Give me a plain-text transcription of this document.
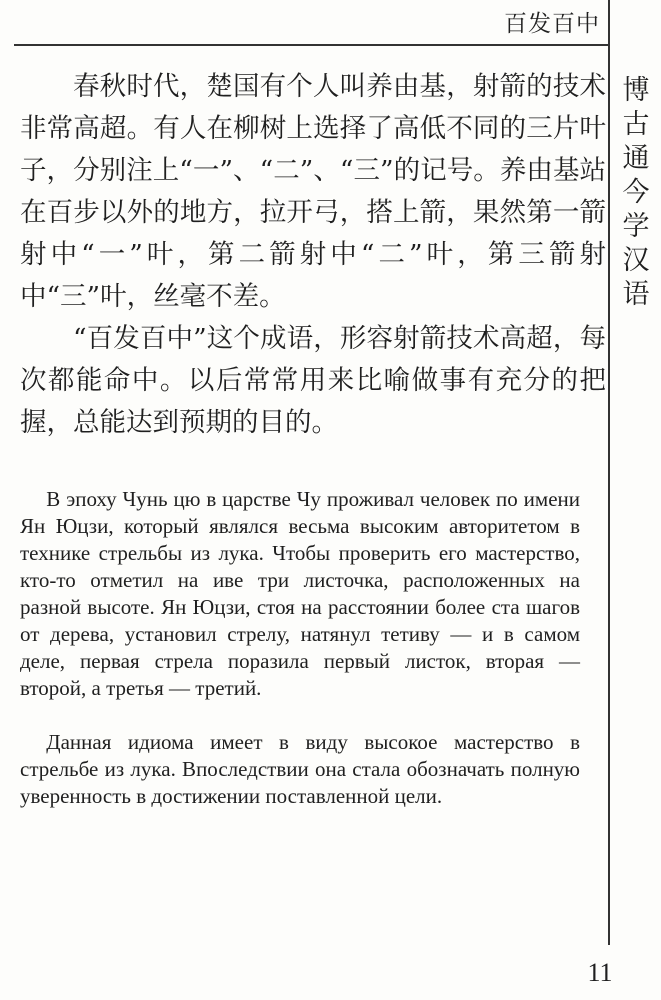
百发百中
博
古
通
今
学
汉
语

春秋时代，楚国有个人叫养由基，射箭的技术非常高超。有人在柳树上选择了高低不同的三片叶子，分别注上“一”、“二”、“三”的记号。养由基站在百步以外的地方，拉开弓，搭上箭，果然第一箭射中“一”叶，第二箭射中“二”叶，第三箭射中“三”叶，丝毫不差。

“百发百中”这个成语，形容射箭技术高超，每次都能命中。以后常常用来比喻做事有充分的把握，总能达到预期的目的。

В эпоху Чунь цю в царстве Чу проживал человек по имени Ян Юцзи, который являлся весьма высоким авторитетом в технике стрельбы из лука. Чтобы проверить его мастерство, кто-то отметил на иве три листочка, расположенных на разной высоте. Ян Юцзи, стоя на расстоянии более ста шагов от дерева, установил стрелу, натянул тетиву — и в самом деле, первая стрела поразила первый листок, вторая — второй, а третья — третий.

Данная идиома имеет в виду высокое мастерство в стрельбе из лука. Впоследствии она стала обозначать полную уверенность в достижении поставленной цели.

11
